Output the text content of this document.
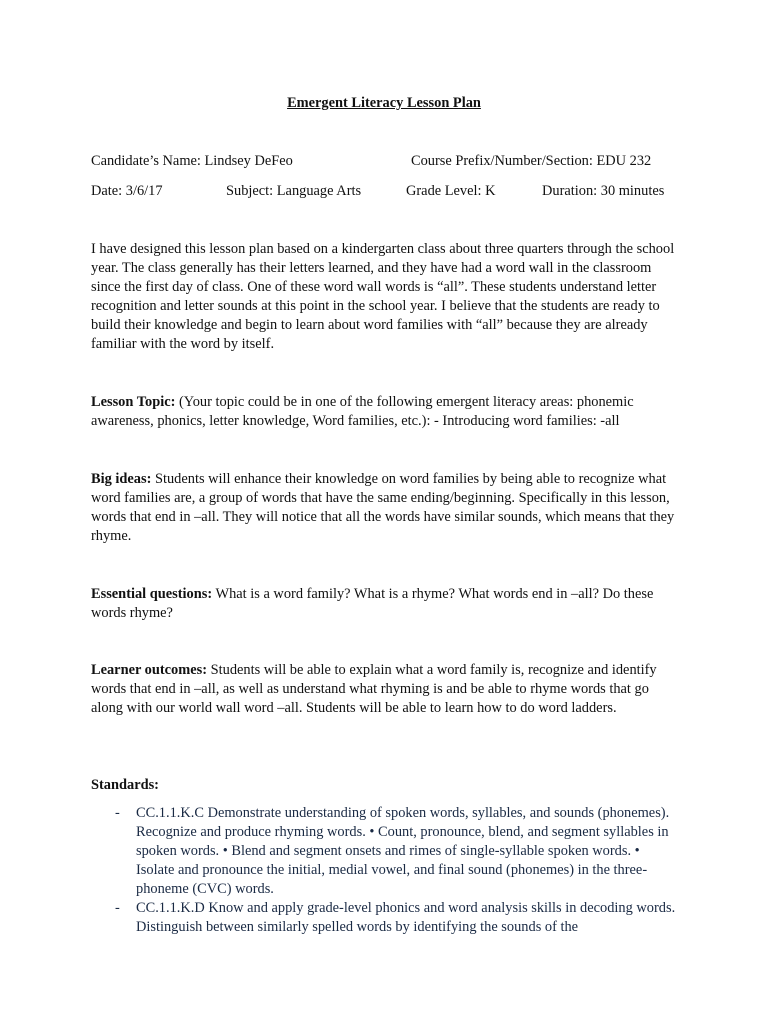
Emergent Literacy Lesson Plan
Candidate’s Name: Lindsey DeFeo	Course Prefix/Number/Section: EDU 232
Date: 3/6/17	Subject: Language Arts	Grade Level: K	Duration: 30 minutes

I have designed this lesson plan based on a kindergarten class about three quarters through the school year. The class generally has their letters learned, and they have had a word wall in the classroom since the first day of class. One of these word wall words is “all”. These students understand letter recognition and letter sounds at this point in the school year. I believe that the students are ready to build their knowledge and begin to learn about word families with “all” because they are already familiar with the word by itself.

Lesson Topic: (Your topic could be in one of the following emergent literacy areas: phonemic awareness, phonics, letter knowledge, Word families, etc.): - Introducing word families: -all

Big ideas: Students will enhance their knowledge on word families by being able to recognize what word families are, a group of words that have the same ending/beginning. Specifically in this lesson, words that end in –all. They will notice that all the words have similar sounds, which means that they rhyme.

Essential questions: What is a word family? What is a rhyme? What words end in –all? Do these words rhyme?

Learner outcomes: Students will be able to explain what a word family is, recognize and identify words that end in –all, as well as understand what rhyming is and be able to rhyme words that go along with our world wall word –all. Students will be able to learn how to do word ladders.

Standards:
- CC.1.1.K.C Demonstrate understanding of spoken words, syllables, and sounds (phonemes). Recognize and produce rhyming words. • Count, pronounce, blend, and segment syllables in spoken words. • Blend and segment onsets and rimes of single-syllable spoken words. • Isolate and pronounce the initial, medial vowel, and final sound (phonemes) in the three-phoneme (CVC) words.
- CC.1.1.K.D Know and apply grade-level phonics and word analysis skills in decoding words. Distinguish between similarly spelled words by identifying the sounds of the
